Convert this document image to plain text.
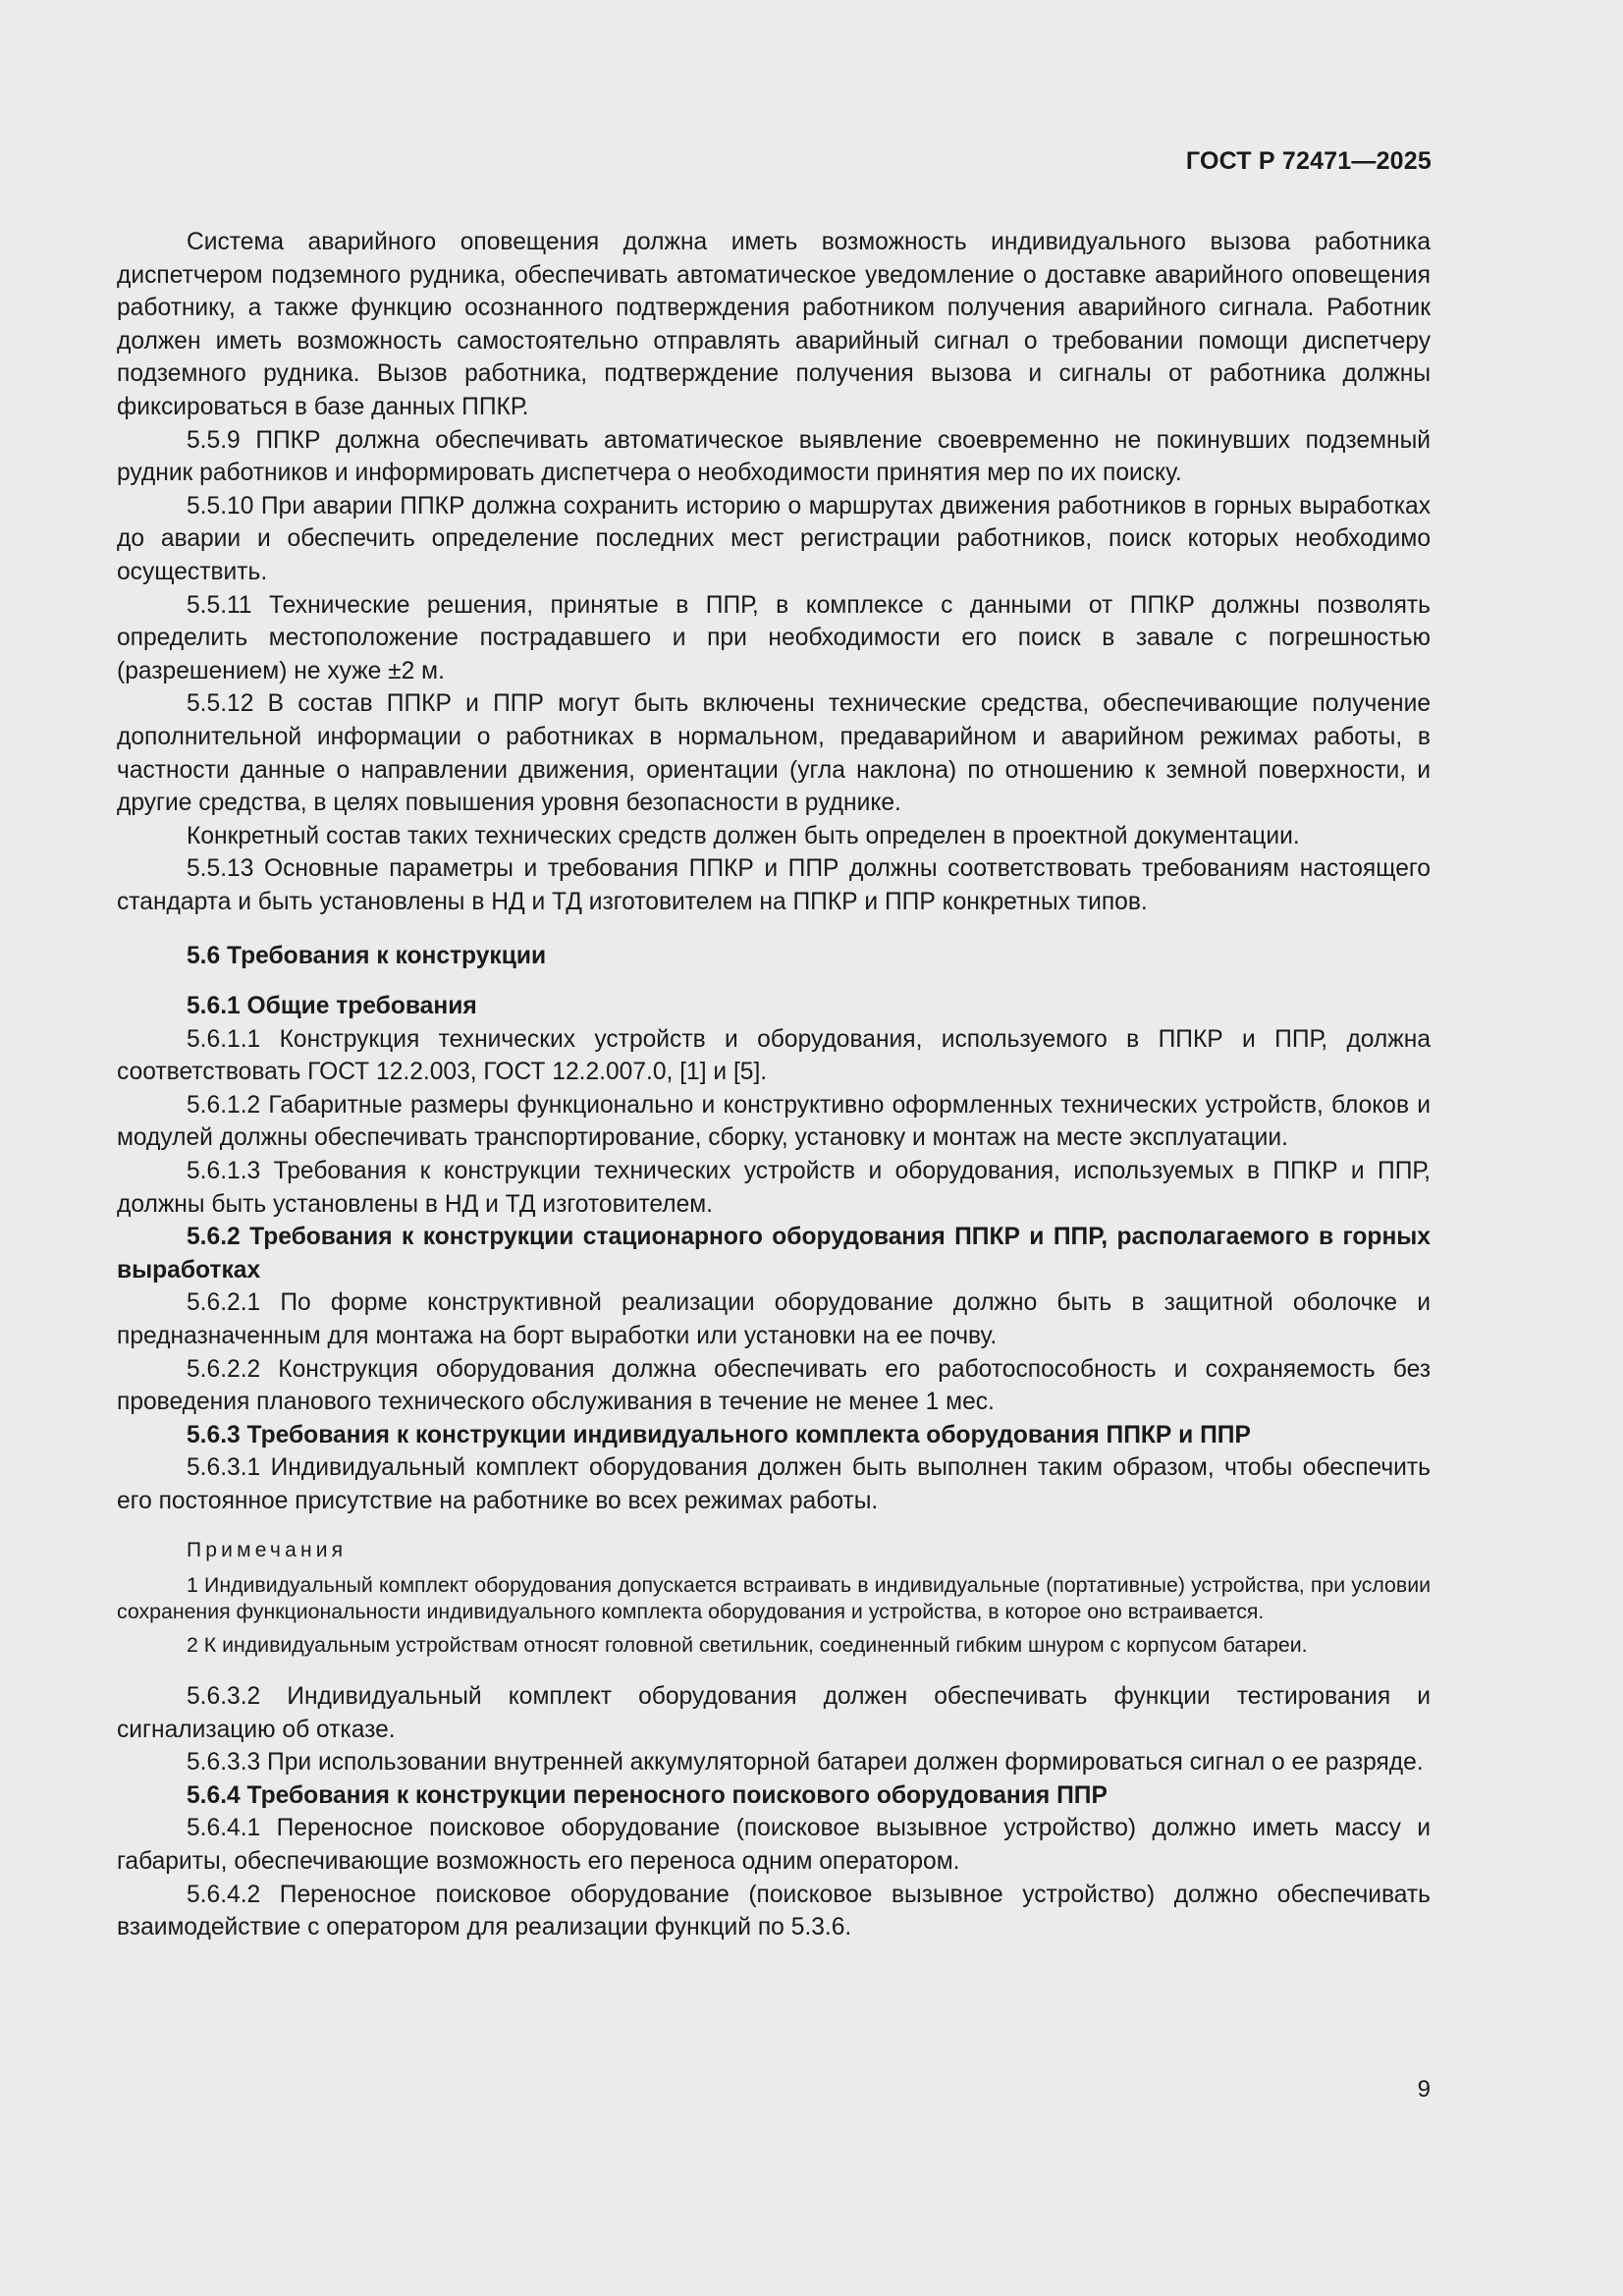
ГОСТ Р 72471—2025

Система аварийного оповещения должна иметь возможность индивидуального вызова работника диспетчером подземного рудника, обеспечивать автоматическое уведомление о доставке аварийного оповещения работнику, а также функцию осознанного подтверждения работником получения аварийного сигнала. Работник должен иметь возможность самостоятельно отправлять аварийный сигнал о требовании помощи диспетчеру подземного рудника. Вызов работника, подтверждение получения вызова и сигналы от работника должны фиксироваться в базе данных ППКР.

5.5.9 ППКР должна обеспечивать автоматическое выявление своевременно не покинувших подземный рудник работников и информировать диспетчера о необходимости принятия мер по их поиску.

5.5.10 При аварии ППКР должна сохранить историю о маршрутах движения работников в горных выработках до аварии и обеспечить определение последних мест регистрации работников, поиск которых необходимо осуществить.

5.5.11 Технические решения, принятые в ППР, в комплексе с данными от ППКР должны позволять определить местоположение пострадавшего и при необходимости его поиск в завале с погрешностью (разрешением) не хуже ±2 м.

5.5.12 В состав ППКР и ППР могут быть включены технические средства, обеспечивающие получение дополнительной информации о работниках в нормальном, предаварийном и аварийном режимах работы, в частности данные о направлении движения, ориентации (угла наклона) по отношению к земной поверхности, и другие средства, в целях повышения уровня безопасности в руднике.

Конкретный состав таких технических средств должен быть определен в проектной документации.

5.5.13 Основные параметры и требования ППКР и ППР должны соответствовать требованиям настоящего стандарта и быть установлены в НД и ТД изготовителем на ППКР и ППР конкретных типов.

5.6 Требования к конструкции
5.6.1 Общие требования

5.6.1.1 Конструкция технических устройств и оборудования, используемого в ППКР и ППР, должна соответствовать ГОСТ 12.2.003, ГОСТ 12.2.007.0, [1] и [5].

5.6.1.2 Габаритные размеры функционально и конструктивно оформленных технических устройств, блоков и модулей должны обеспечивать транспортирование, сборку, установку и монтаж на месте эксплуатации.

5.6.1.3 Требования к конструкции технических устройств и оборудования, используемых в ППКР и ППР, должны быть установлены в НД и ТД изготовителем.

5.6.2 Требования к конструкции стационарного оборудования ППКР и ППР, располагаемого в горных выработках

5.6.2.1 По форме конструктивной реализации оборудование должно быть в защитной оболочке и предназначенным для монтажа на борт выработки или установки на ее почву.

5.6.2.2 Конструкция оборудования должна обеспечивать его работоспособность и сохраняемость без проведения планового технического обслуживания в течение не менее 1 мес.

5.6.3 Требования к конструкции индивидуального комплекта оборудования ППКР и ППР

5.6.3.1 Индивидуальный комплект оборудования должен быть выполнен таким образом, чтобы обеспечить его постоянное присутствие на работнике во всех режимах работы.

Примечания

1 Индивидуальный комплект оборудования допускается встраивать в индивидуальные (портативные) устройства, при условии сохранения функциональности индивидуального комплекта оборудования и устройства, в которое оно встраивается.

2 К индивидуальным устройствам относят головной светильник, соединенный гибким шнуром с корпусом батареи.

5.6.3.2 Индивидуальный комплект оборудования должен обеспечивать функции тестирования и сигнализацию об отказе.

5.6.3.3 При использовании внутренней аккумуляторной батареи должен формироваться сигнал о ее разряде.

5.6.4 Требования к конструкции переносного поискового оборудования ППР

5.6.4.1 Переносное поисковое оборудование (поисковое вызывное устройство) должно иметь массу и габариты, обеспечивающие возможность его переноса одним оператором.

5.6.4.2 Переносное поисковое оборудование (поисковое вызывное устройство) должно обеспечивать взаимодействие с оператором для реализации функций по 5.3.6.

9
